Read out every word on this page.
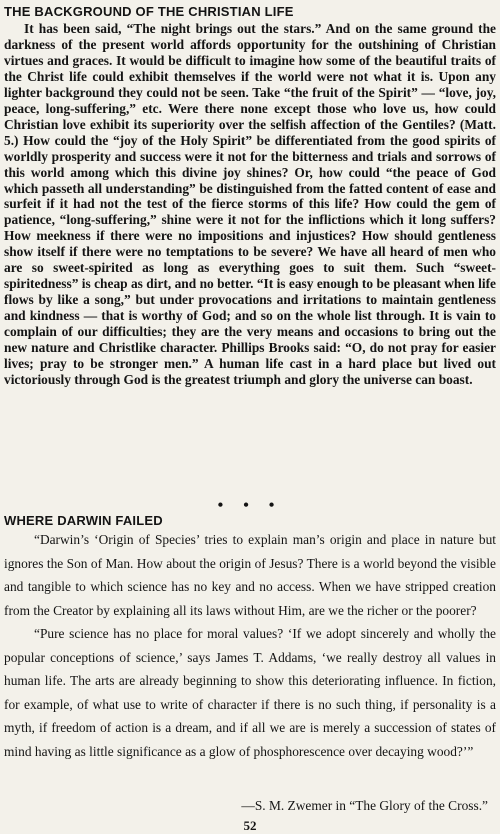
THE BACKGROUND OF THE CHRISTIAN LIFE

It has been said, “The night brings out the stars.” And on the same ground the darkness of the present world affords opportunity for the outshining of Christian virtues and graces. It would be difficult to imagine how some of the beautiful traits of the Christ life could exhibit themselves if the world were not what it is. Upon any lighter background they could not be seen. Take “the fruit of the Spirit” — “love, joy, peace, long-suffering,” etc. Were there none except those who love us, how could Christian love exhibit its superiority over the selfish affection of the Gentiles? (Matt. 5.) How could the “joy of the Holy Spirit” be differentiated from the good spirits of worldly prosperity and success were it not for the bitterness and trials and sorrows of this world among which this divine joy shines? Or, how could “the peace of God which passeth all understanding” be distinguished from the fatted content of ease and surfeit if it had not the test of the fierce storms of this life? How could the gem of patience, “long-suffering,” shine were it not for the inflictions which it long suffers? How meekness if there were no impositions and injustices? How should gentleness show itself if there were no temptations to be severe? We have all heard of men who are so sweet-spirited as long as everything goes to suit them. Such “sweet-spiritedness” is cheap as dirt, and no better. “It is easy enough to be pleasant when life flows by like a song,” but under provocations and irritations to maintain gentleness and kindness — that is worthy of God; and so on the whole list through. It is vain to complain of our difficulties; they are the very means and occasions to bring out the new nature and Christlike character. Phillips Brooks said: “O, do not pray for easier lives; pray to be stronger men.” A human life cast in a hard place but lived out victoriously through God is the greatest triumph and glory the universe can boast.

• • •
WHERE DARWIN FAILED

“Darwin’s ‘Origin of Species’ tries to explain man’s origin and place in nature but ignores the Son of Man. How about the origin of Jesus? There is a world beyond the visible and tangible to which science has no key and no access. When we have stripped creation from the Creator by explaining all its laws without Him, are we the richer or the poorer?

“Pure science has no place for moral values? ‘If we adopt sincerely and wholly the popular conceptions of science,’ says James T. Addams, ‘we really destroy all values in human life. The arts are already beginning to show this deteriorating influence. In fiction, for example, of what use to write of character if there is no such thing, if personality is a myth, if freedom of action is a dream, and if all we are is merely a succession of states of mind having as little significance as a glow of phosphorescence over decaying wood?’”

—S. M. Zwemer in “The Glory of the Cross.”
52
